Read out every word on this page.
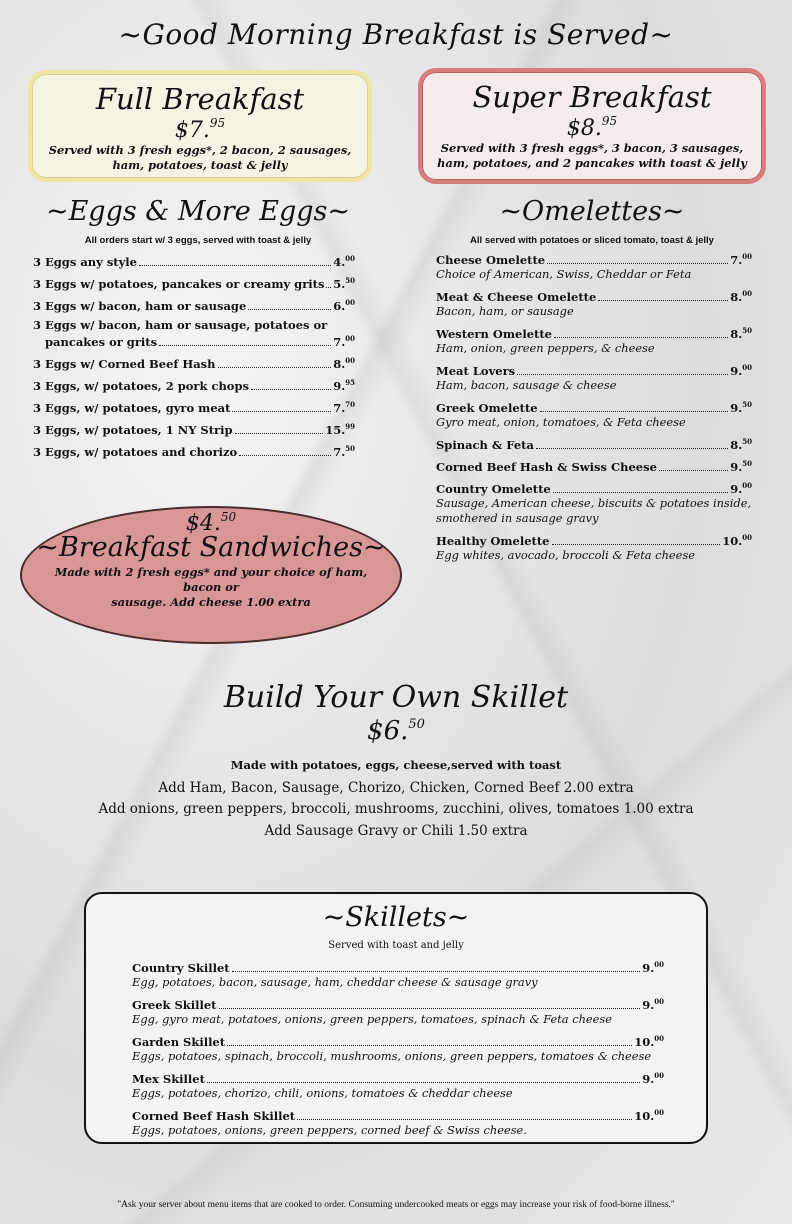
~Good Morning Breakfast is Served~
Full Breakfast
$7.95
Served with 3 fresh eggs*, 2 bacon, 2 sausages,
ham, potatoes, toast & jelly
Super Breakfast
$8.95
Served with 3 fresh eggs*, 3 bacon, 3 sausages,
ham, potatoes, and 2 pancakes with toast & jelly
~Eggs & More Eggs~
All orders start w/ 3 eggs, served with toast & jelly
3 Eggs any style	4.00
3 Eggs w/ potatoes, pancakes or creamy grits 5.50
3 Eggs w/ bacon, ham or sausage	6.00
3 Eggs w/ bacon, ham or sausage, potatoes or
pancakes or grits	7.00
3 Eggs w/ Corned Beef Hash	8.00
3 Eggs, w/ potatoes, 2 pork chops	9.95
3 Eggs, w/ potatoes, gyro meat	7.70
3 Eggs, w/ potatoes, 1 NY Strip	15.99
3 Eggs, w/ potatoes and chorizo	7.50
~Omelettes~
All served with potatoes or sliced tomato, toast & jelly
Cheese Omelette	7.00
Choice of American, Swiss, Cheddar or Feta
Meat & Cheese Omelette	8.00
Bacon, ham, or sausage
Western Omelette	8.50
Ham, onion, green peppers, & cheese
Meat Lovers	9.00
Ham, bacon, sausage & cheese
Greek Omelette	9.50
Gyro meat, onion, tomatoes, & Feta cheese
Spinach & Feta	8.50
Corned Beef Hash & Swiss Cheese	9.50
Country Omelette	9.00
Sausage, American cheese, biscuits & potatoes inside,
smothered in sausage gravy
Healthy Omelette	10.00
Egg whites, avocado, broccoli & Feta cheese
$4.50
~Breakfast Sandwiches~
Made with 2 fresh eggs* and your choice of ham, bacon or
sausage. Add cheese 1.00 extra
Build Your Own Skillet
$6.50
Made with potatoes, eggs, cheese,served with toast
Add Ham, Bacon, Sausage, Chorizo, Chicken, Corned Beef 2.00 extra
Add onions, green peppers, broccoli, mushrooms, zucchini, olives, tomatoes 1.00 extra
Add Sausage Gravy or Chili 1.50 extra
~Skillets~
Served with toast and jelly
Country Skillet	9.00
Egg, potatoes, bacon, sausage, ham, cheddar cheese & sausage gravy
Greek Skillet	9.00
Egg, gyro meat, potatoes, onions, green peppers, tomatoes, spinach & Feta cheese
Garden Skillet	10.00
Eggs, potatoes, spinach, broccoli, mushrooms, onions, green peppers, tomatoes & cheese
Mex Skillet	9.00
Eggs, potatoes, chorizo, chili, onions, tomatoes & cheddar cheese
Corned Beef Hash Skillet	10.00
Eggs, potatoes, onions, green peppers, corned beef & Swiss cheese.
"Ask your server about menu items that are cooked to order. Consuming undercooked meats or eggs may increase your risk of food-borne illness."
